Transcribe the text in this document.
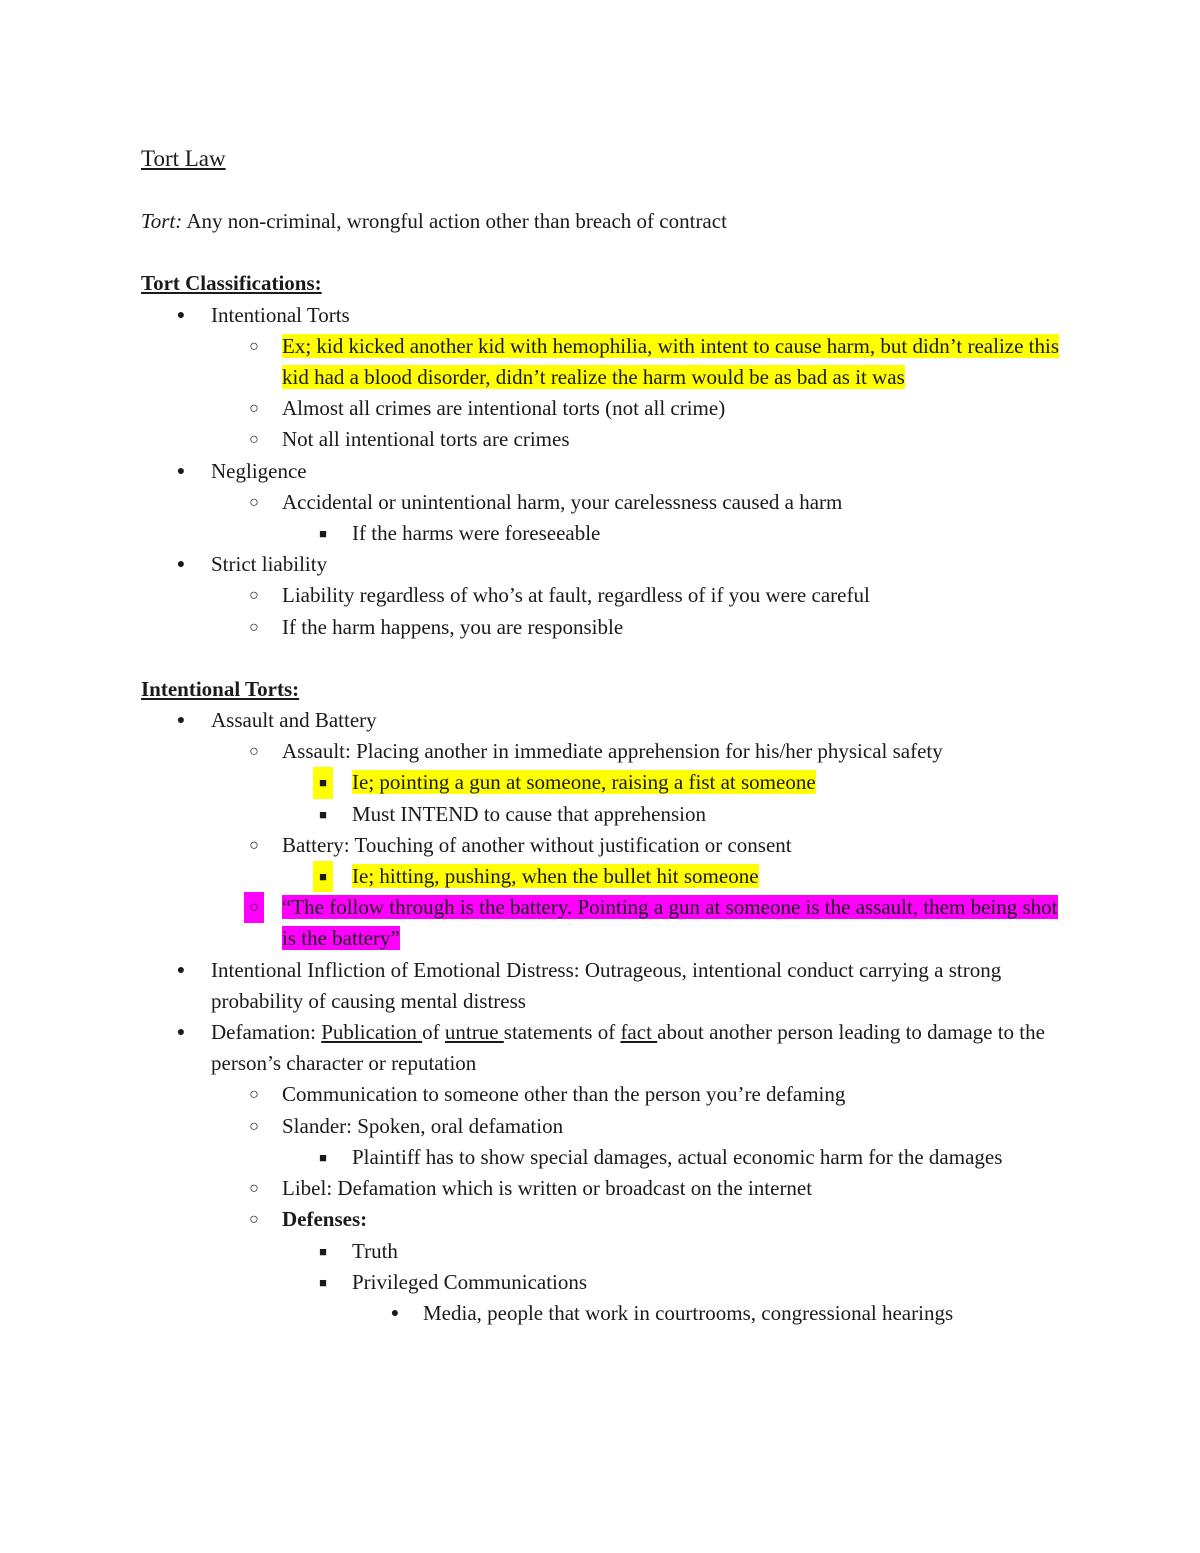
Tort Law
Tort: Any non-criminal, wrongful action other than breach of contract
Tort Classifications:
● Intentional Torts
○ Ex; kid kicked another kid with hemophilia, with intent to cause harm, but didn’t realize this kid had a blood disorder, didn’t realize the harm would be as bad as it was
○ Almost all crimes are intentional torts (not all crime)
○ Not all intentional torts are crimes
● Negligence
○ Accidental or unintentional harm, your carelessness caused a harm
■ If the harms were foreseeable
● Strict liability
○ Liability regardless of who’s at fault, regardless of if you were careful
○ If the harm happens, you are responsible
Intentional Torts:
● Assault and Battery
○ Assault: Placing another in immediate apprehension for his/her physical safety
■ Ie; pointing a gun at someone, raising a fist at someone
■ Must INTEND to cause that apprehension
○ Battery: Touching of another without justification or consent
■ Ie; hitting, pushing, when the bullet hit someone
○ “The follow through is the battery. Pointing a gun at someone is the assault, them being shot is the battery”
● Intentional Infliction of Emotional Distress: Outrageous, intentional conduct carrying a strong probability of causing mental distress
● Defamation: Publication of untrue statements of fact about another person leading to damage to the person’s character or reputation
○ Communication to someone other than the person you’re defaming
○ Slander: Spoken, oral defamation
■ Plaintiff has to show special damages, actual economic harm for the damages
○ Libel: Defamation which is written or broadcast on the internet
○ Defenses:
■ Truth
■ Privileged Communications
● Media, people that work in courtrooms, congressional hearings
